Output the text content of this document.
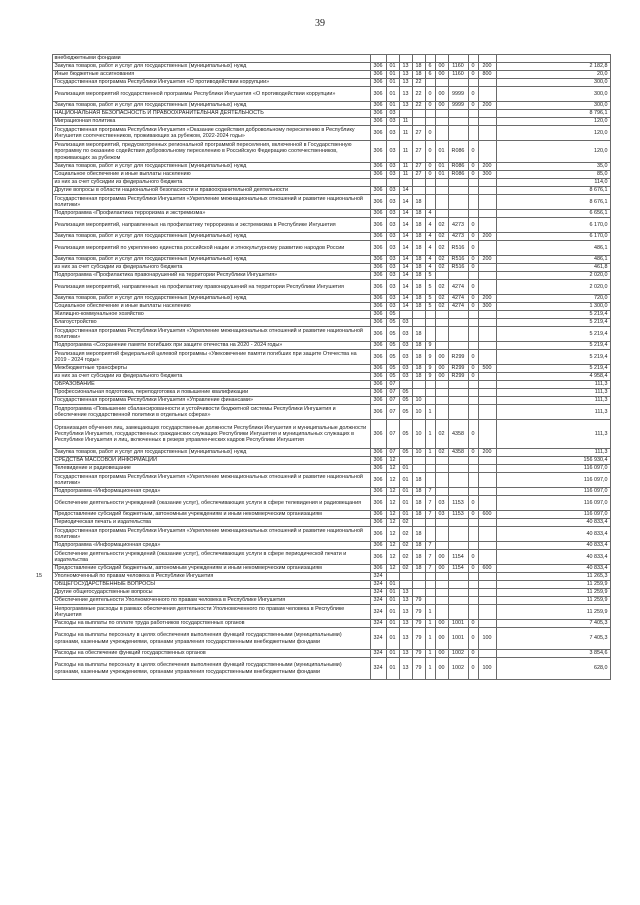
39
	внебюджетными фондами										
	Закупка товаров, работ и услуг для государственных (муниципальных) нужд	306	01	13	18	6	00	1160	0	200	2 182,8
	Иные бюджетные ассигнования	306	01	13	18	6	00	1160	0	800	20,0
	Государственная программа Республики Ингушетия «О противодействии коррупции»	306	01	13	22						300,0
	Реализация мероприятий государственной программы Республики Ингушетия «О противодействии коррупции»	306	01	13	22	0	00	9999	0		300,0
	Закупка товаров, работ и услуг для государственных (муниципальных) нужд	306	01	13	22	0	00	9999	0	200	300,0
	НАЦИОНАЛЬНАЯ БЕЗОПАСНОСТЬ И ПРАВООХРАНИТЕЛЬНАЯ ДЕЯТЕЛЬНОСТЬ	306	03								8 796,1
	Миграционная политика	306	03	11							120,0
	Государственная программа Республики Ингушетия «Оказание содействия добровольному переселению в Республику Ингушетия соотечественников, проживающих за рубежом, 2022-2024 годы»	306	03	11	27	0					120,0
	Реализация мероприятий, предусмотренных региональной программой переселения, включенной в Государственную программу по оказанию содействия добровольному переселению в Российскую Федерацию соотечественников, проживающих за рубежом	306	03	11	27	0	01	R086	0		120,0
	Закупка товаров, работ и услуг для государственных (муниципальных) нужд	306	03	11	27	0	01	R086	0	200	35,0
	Социальное обеспечение и иные выплаты населению	306	03	11	27	0	01	R086	0	300	85,0
	из них за счет субсидии из федерального бюджета										114,0
	Другие вопросы в области национальной безопасности и правоохранительной деятельности	306	03	14							8 676,1
	Государственная программа Республики Ингушетия «Укрепление межнациональных отношений и развитие национальной политики»	306	03	14	18						8 676,1
	Подпрограмма «Профилактика терроризма и экстремизма»	306	03	14	18	4					6 656,1
	Реализация мероприятий, направленных на профилактику терроризма и экстремизма в Республике Ингушетия	306	03	14	18	4	02	4273	0		6 170,0
	Закупка товаров, работ и услуг для государственных (муниципальных) нужд	306	03	14	18	4	02	4273	0	200	6 170,0
	Реализация мероприятий по укреплению единства российской нации и этнокультурному развитию народов России	306	03	14	18	4	02	R516	0		486,1
	Закупка товаров, работ и услуг для государственных (муниципальных) нужд	306	03	14	18	4	02	R516	0	200	486,1
	из них за счет субсидии из федерального бюджета	306	03	14	18	4	02	R516	0		461,8
	Подпрограмма «Профилактика правонарушений на территории Республики Ингушетия»	306	03	14	18	5					2 020,0
	Реализация мероприятий, направленных на профилактику правонарушений на территории Республики Ингушетия	306	03	14	18	5	02	4274	0		2 020,0
	Закупка товаров, работ и услуг для государственных (муниципальных) нужд	306	03	14	18	5	02	4274	0	200	720,0
	Социальное обеспечение и иные выплаты населению	306	03	14	18	5	02	4274	0	300	1 300,0
	Жилищно-коммунальное хозяйство	306	05								5 219,4
	Благоустройство	306	05	03							5 219,4
	Государственная программа Республики Ингушетия «Укрепление межнациональных отношений и развитие национальной политики»	306	05	03	18						5 219,4
	Подпрограмма «Сохранение памяти погибших при защите отечества на 2020 - 2024 годы»	306	05	03	18	9					5 219,4
	Реализация мероприятий федеральной целевой программы «Увековечение памяти погибших при защите Отечества на 2019 - 2024 годы»	306	05	03	18	9	00	R299	0		5 219,4
	Межбюджетные трансферты	306	05	03	18	9	00	R299	0	500	5 219,4
	из них за счет субсидии из федерального бюджета	306	05	03	18	9	00	R299	0		4 958,4
	ОБРАЗОВАНИЕ	306	07								111,3
	Профессиональная подготовка, переподготовка и повышение квалификации	306	07	05							111,3
	Государственная программа Республики Ингушетия «Управление финансами»	306	07	05	10						111,3
	Подпрограмма «Повышение сбалансированности и устойчивости бюджетной системы Республики Ингушетия и обеспечение государственной политики в отдельных сферах»	306	07	05	10	1					111,3
	Организация обучения лиц, замещающих государственные должности Республики Ингушетия и муниципальные должности Республики Ингушетия, государственных гражданских служащих Республики Ингушетия и муниципальных служащих в Республике Ингушетия и лиц, включенных в резерв управленческих кадров Республики Ингушетия	306	07	05	10	1	02	4358	0		111,3
	Закупка товаров, работ и услуг для государственных (муниципальных) нужд	306	07	05	10	1	02	4358	0	200	111,3
	СРЕДСТВА МАССОВОЙ ИНФОРМАЦИИ	306	12								156 930,4
	Телевидение и радиовещание	306	12	01							116 097,0
	Государственная программа Республики Ингушетия «Укрепление межнациональных отношений и развитие национальной политики»	306	12	01	18						116 097,0
	Подпрограмма «Информационная среда»	306	12	01	18	7					116 097,0
	Обеспечение деятельности учреждений (оказание услуг), обеспечивающих услуги в сфере телевидения и радиовещания	306	12	01	18	7	03	1153	0		116 097,0
	Предоставление субсидий бюджетным, автономным учреждениям и иным некоммерческим организациям	306	12	01	18	7	03	1153	0	600	116 097,0
	Периодическая печать и издательства	306	12	02							40 833,4
	Государственная программа Республики Ингушетия «Укрепление межнациональных отношений и развитие национальной политики»	306	12	02	18						40 833,4
	Подпрограмма «Информационная среда»	306	12	02	18	7					40 833,4
	Обеспечение деятельности учреждений (оказание услуг), обеспечивающих услуги в сфере периодической печати и издательства	306	12	02	18	7	00	1154	0		40 833,4
	Предоставление субсидий бюджетным, автономным учреждениям и иным некоммерческим организациям	306	12	02	18	7	00	1154	0	600	40 833,4
15	Уполномоченный по правам человека в Республике Ингушетия	324									11 265,3
	ОБЩЕГОСУДАРСТВЕННЫЕ ВОПРОСЫ	324	01								11 259,9
	Другие общегосударственные вопросы	324	01	13							11 259,9
	Обеспечение деятельности Уполномоченного по правам человека в Республике Ингушетия	324	01	13	79						11 259,9
	Непрограммные расходы в рамках обеспечения деятельности Уполномоченного по правам человека в Республике Ингушетия	324	01	13	79	1					11 259,9
	Расходы на выплаты по оплате труда работников государственных органов	324	01	13	79	1	00	1001	0		7 405,3
	Расходы на выплаты персоналу в целях обеспечения выполнения функций государственными (муниципальными) органами, казенными учреждениями, органами управления государственными внебюджетными фондами	324	01	13	79	1	00	1001	0	100	7 405,3
	Расходы на обеспечение функций государственных органов	324	01	13	79	1	00	1002	0		3 854,6
	Расходы на выплаты персоналу в целях обеспечения выполнения функций государственными (муниципальными) органами, казенными учреждениями, органами управления государственными внебюджетными фондами	324	01	13	79	1	00	1002	0	100	628,0
